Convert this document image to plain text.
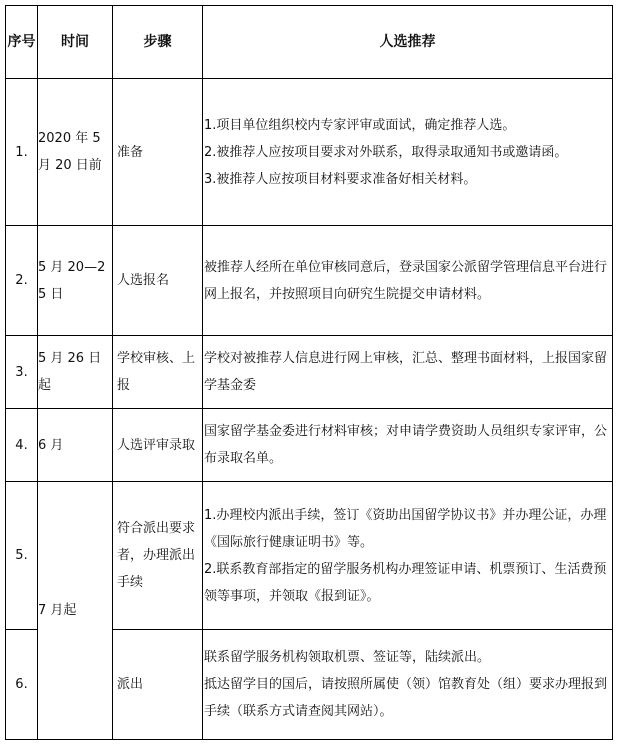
序号	时间	步骤	人选推荐
1.	2020 年 5 月 20 日前	准备	1.项目单位组织校内专家评审或面试，确定推荐人选。
2.被推荐人应按项目要求对外联系，取得录取通知书或邀请函。
3.被推荐人应按项目材料要求准备好相关材料。

2.	5 月 20—25 日	人选报名	被推荐人经所在单位审核同意后，登录国家公派留学管理信息平台进行网上报名，并按照项目向研究生院提交申请材料。

3.	5 月 26 日起	学校审核、上报	学校对被推荐人信息进行网上审核，汇总、整理书面材料，上报国家留学基金委

4.	6 月	人选评审录取	国家留学基金委进行材料审核；对申请学费资助人员组织专家评审，公布录取名单。

5.	7 月起	符合派出要求者，办理派出手续	1.办理校内派出手续，签订《资助出国留学协议书》并办理公证，办理《国际旅行健康证明书》等。
2.联系教育部指定的留学服务机构办理签证申请、机票预订、生活费预领等事项，并领取《报到证》。

6.		派出	联系留学服务机构领取机票、签证等，陆续派出。
抵达留学目的国后，请按照所属使（领）馆教育处（组）要求办理报到手续（联系方式请查阅其网站）。
